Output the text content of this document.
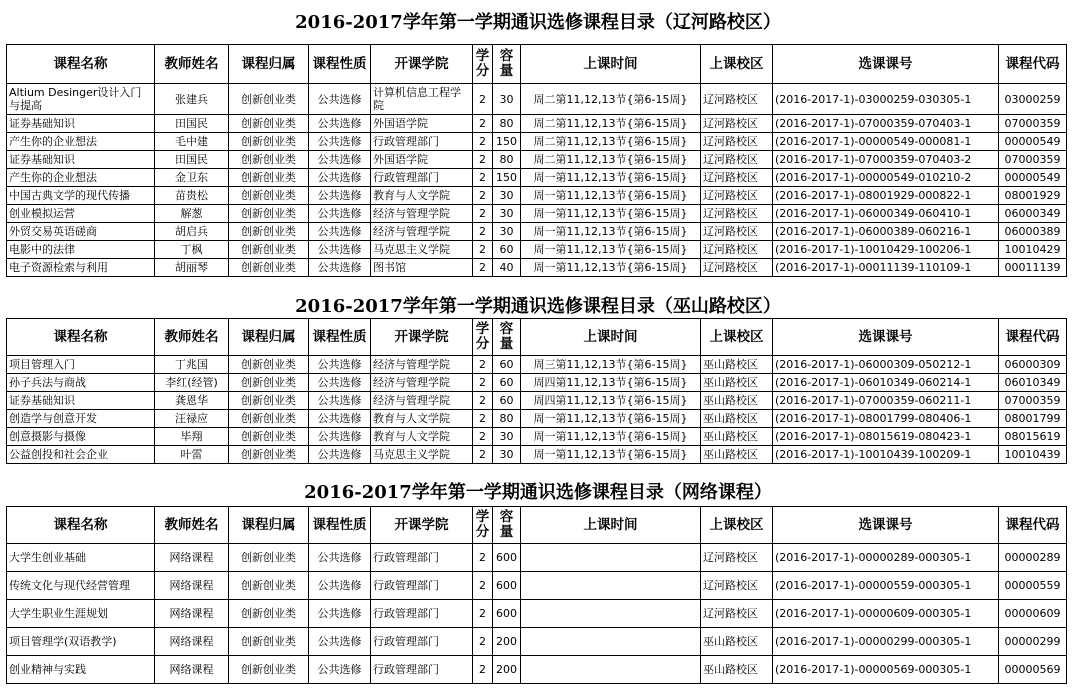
2016-2017学年第一学期通识选修课程目录（辽河路校区）
课程名称	教师姓名	课程归属	课程性质	开课学院	学分	容量	上课时间	上课校区	选课课号	课程代码
Altium Desinger设计入门与提高	张建兵	创新创业类	公共选修	计算机信息工程学院	2	30	周二第11,12,13节{第6-15周}	辽河路校区	(2016-2017-1)-03000259-030305-1	03000259
证券基础知识	田国民	创新创业类	公共选修	外国语学院	2	80	周二第11,12,13节{第6-15周}	辽河路校区	(2016-2017-1)-07000359-070403-1	07000359
产生你的企业想法	毛中建	创新创业类	公共选修	行政管理部门	2	150	周二第11,12,13节{第6-15周}	辽河路校区	(2016-2017-1)-00000549-000081-1	00000549
证券基础知识	田国民	创新创业类	公共选修	外国语学院	2	80	周二第11,12,13节{第6-15周}	辽河路校区	(2016-2017-1)-07000359-070403-2	07000359
产生你的企业想法	金卫东	创新创业类	公共选修	行政管理部门	2	150	周一第11,12,13节{第6-15周}	辽河路校区	(2016-2017-1)-00000549-010210-2	00000549
中国古典文学的现代传播	苗贵松	创新创业类	公共选修	教育与人文学院	2	30	周一第11,12,13节{第6-15周}	辽河路校区	(2016-2017-1)-08001929-000822-1	08001929
创业模拟运营	解葱	创新创业类	公共选修	经济与管理学院	2	30	周一第11,12,13节{第6-15周}	辽河路校区	(2016-2017-1)-06000349-060410-1	06000349
外贸交易英语磋商	胡启兵	创新创业类	公共选修	经济与管理学院	2	30	周一第11,12,13节{第6-15周}	辽河路校区	(2016-2017-1)-06000389-060216-1	06000389
电影中的法律	丁枫	创新创业类	公共选修	马克思主义学院	2	60	周一第11,12,13节{第6-15周}	辽河路校区	(2016-2017-1)-10010429-100206-1	10010429
电子资源检索与利用	胡丽琴	创新创业类	公共选修	图书馆	2	40	周一第11,12,13节{第6-15周}	辽河路校区	(2016-2017-1)-00011139-110109-1	00011139
2016-2017学年第一学期通识选修课程目录（巫山路校区）
课程名称	教师姓名	课程归属	课程性质	开课学院	学分	容量	上课时间	上课校区	选课课号	课程代码
项目管理入门	丁兆国	创新创业类	公共选修	经济与管理学院	2	60	周三第11,12,13节{第6-15周}	巫山路校区	(2016-2017-1)-06000309-050212-1	06000309
孙子兵法与商战	李红(经管)	创新创业类	公共选修	经济与管理学院	2	60	周四第11,12,13节{第6-15周}	巫山路校区	(2016-2017-1)-06010349-060214-1	06010349
证券基础知识	龚恩华	创新创业类	公共选修	经济与管理学院	2	60	周四第11,12,13节{第6-15周}	巫山路校区	(2016-2017-1)-07000359-060211-1	07000359
创造学与创意开发	汪禄应	创新创业类	公共选修	教育与人文学院	2	80	周一第11,12,13节{第6-15周}	巫山路校区	(2016-2017-1)-08001799-080406-1	08001799
创意摄影与摄像	毕翔	创新创业类	公共选修	教育与人文学院	2	30	周一第11,12,13节{第6-15周}	巫山路校区	(2016-2017-1)-08015619-080423-1	08015619
公益创投和社会企业	叶雷	创新创业类	公共选修	马克思主义学院	2	30	周一第11,12,13节{第6-15周}	巫山路校区	(2016-2017-1)-10010439-100209-1	10010439
2016-2017学年第一学期通识选修课程目录（网络课程）
课程名称	教师姓名	课程归属	课程性质	开课学院	学分	容量	上课时间	上课校区	选课课号	课程代码
大学生创业基础	网络课程	创新创业类	公共选修	行政管理部门	2	600		辽河路校区	(2016-2017-1)-00000289-000305-1	00000289
传统文化与现代经营管理	网络课程	创新创业类	公共选修	行政管理部门	2	600		辽河路校区	(2016-2017-1)-00000559-000305-1	00000559
大学生职业生涯规划	网络课程	创新创业类	公共选修	行政管理部门	2	600		辽河路校区	(2016-2017-1)-00000609-000305-1	00000609
项目管理学(双语教学)	网络课程	创新创业类	公共选修	行政管理部门	2	200		巫山路校区	(2016-2017-1)-00000299-000305-1	00000299
创业精神与实践	网络课程	创新创业类	公共选修	行政管理部门	2	200		巫山路校区	(2016-2017-1)-00000569-000305-1	00000569
